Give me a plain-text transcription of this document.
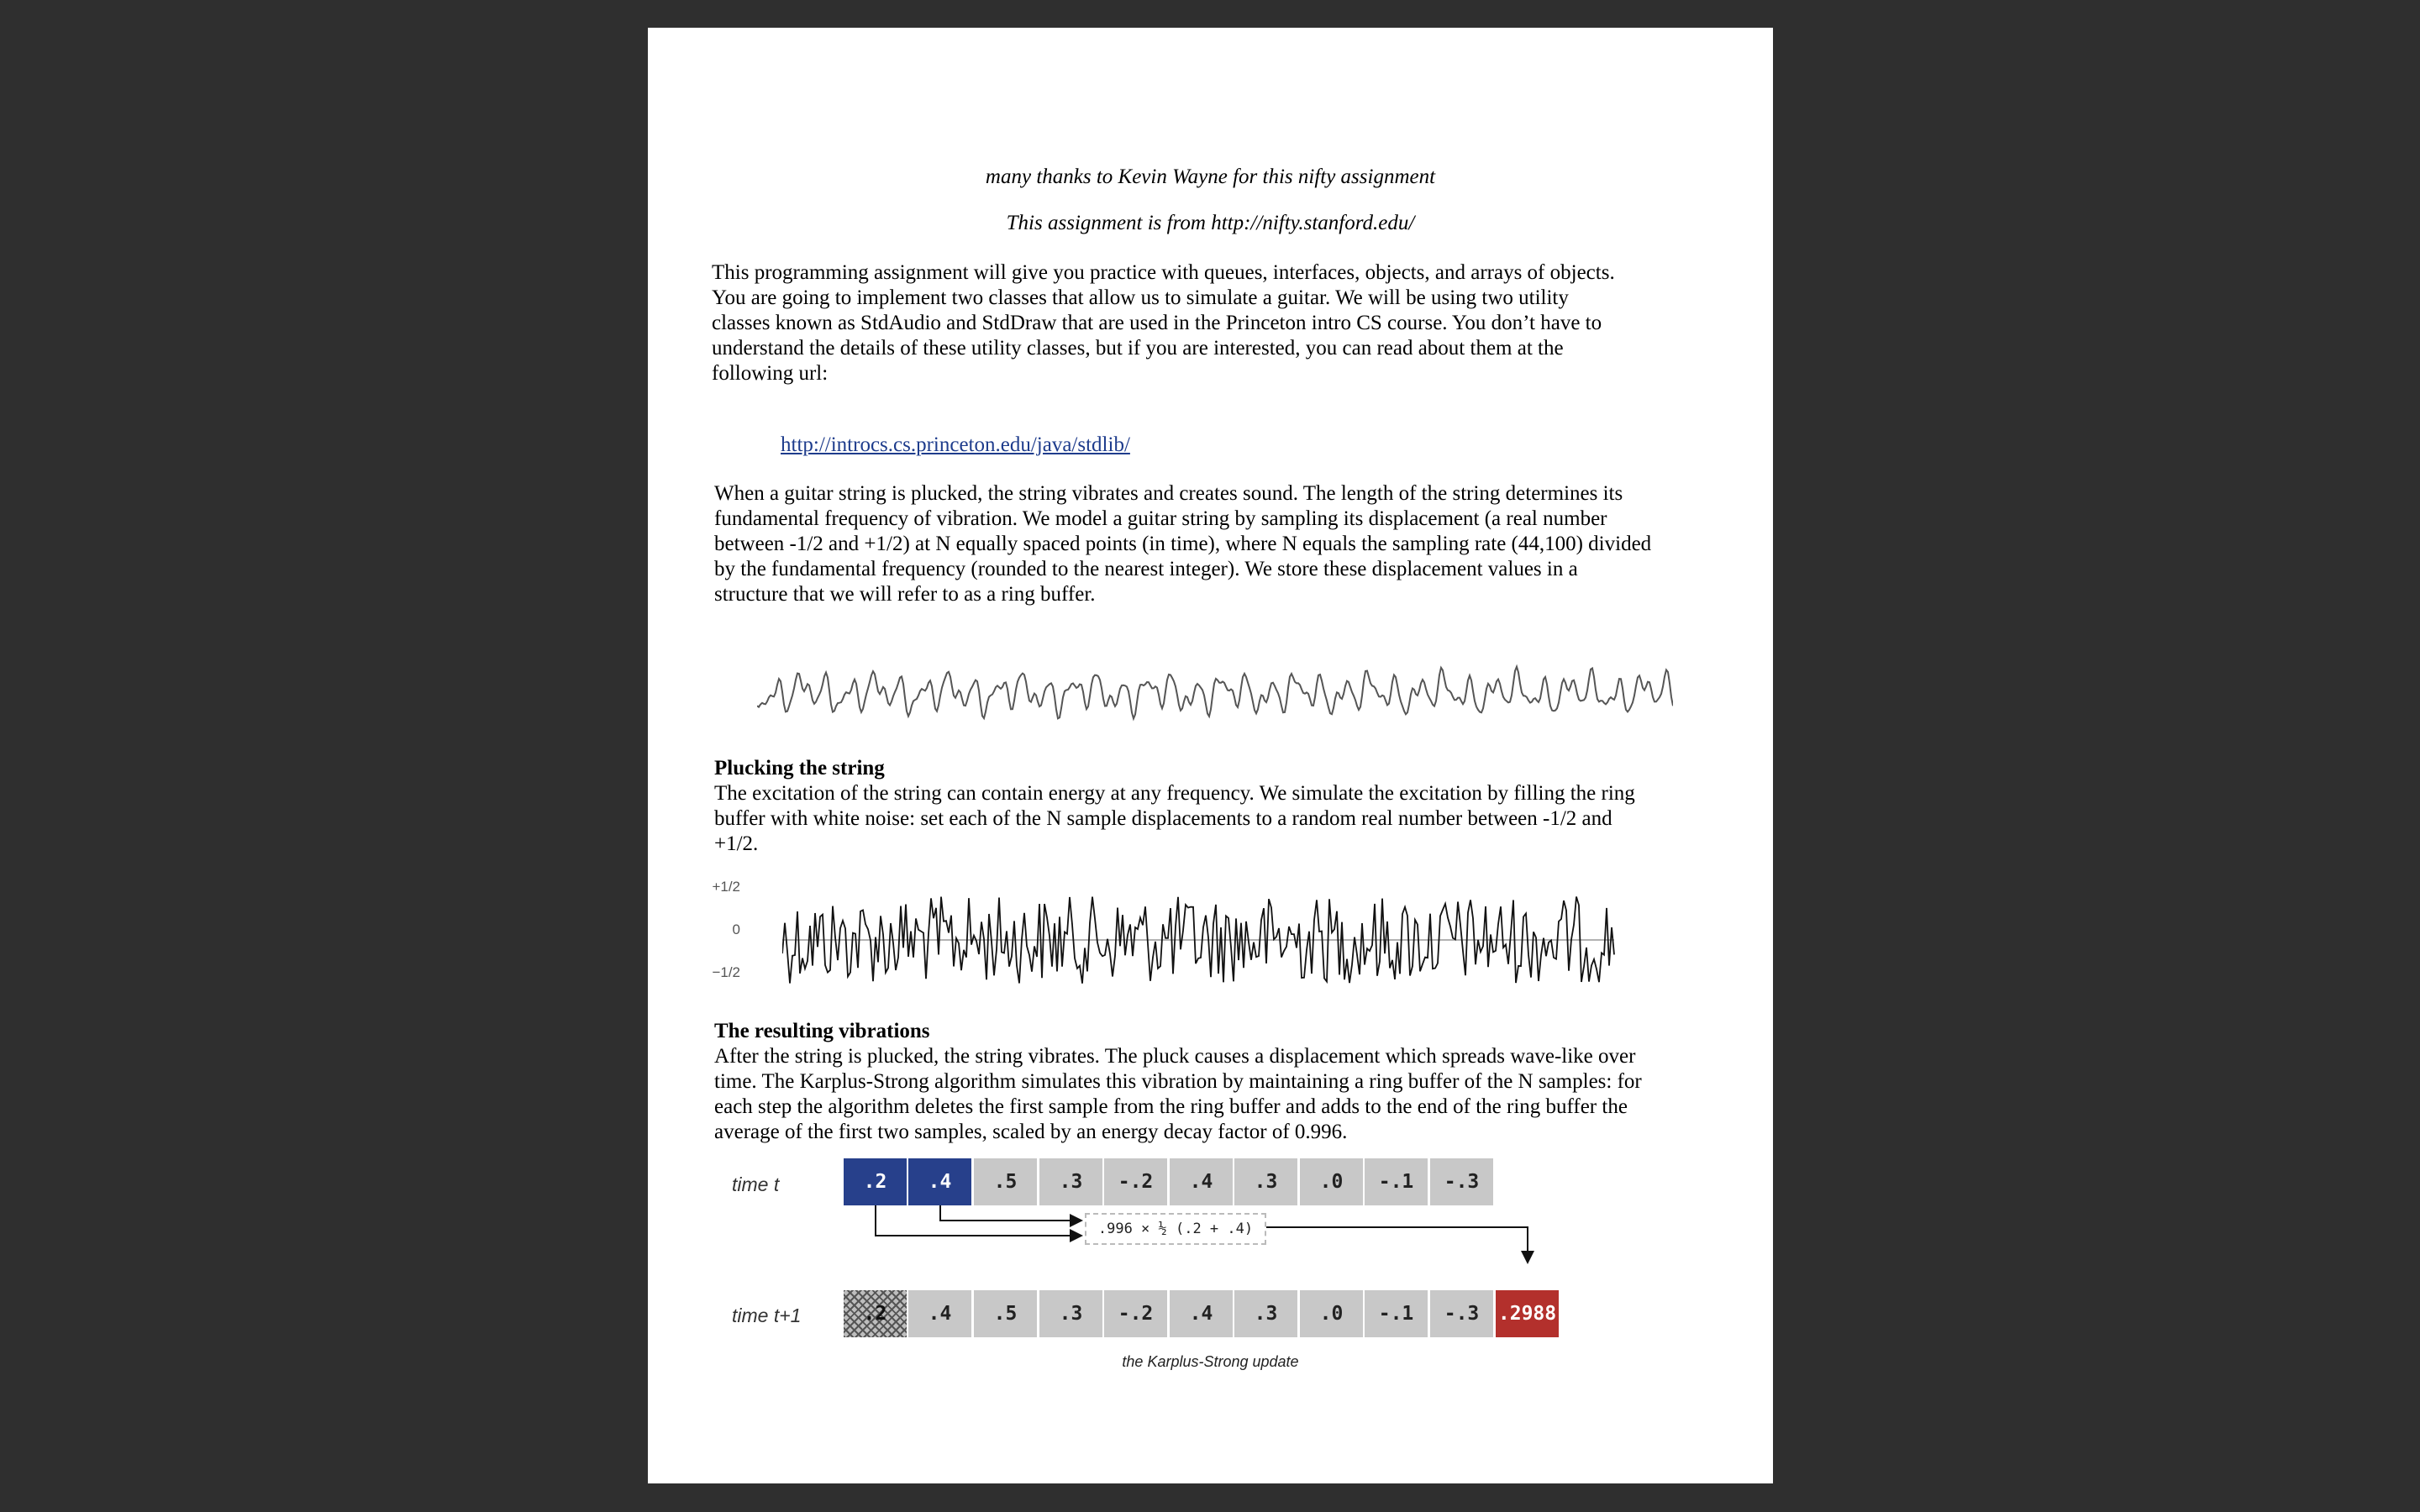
many thanks to Kevin Wayne for this nifty assignment
This assignment is from http://nifty.stanford.edu/
This programming assignment will give you practice with queues, interfaces, objects, and arrays of objects.
You are going to implement two classes that allow us to simulate a guitar. We will be using two utility
classes known as StdAudio and StdDraw that are used in the Princeton intro CS course. You don’t have to
understand the details of these utility classes, but if you are interested, you can read about them at the
following url:
http://introcs.cs.princeton.edu/java/stdlib/
When a guitar string is plucked, the string vibrates and creates sound. The length of the string determines its
fundamental frequency of vibration. We model a guitar string by sampling its displacement (a real number
between -1/2 and +1/2) at N equally spaced points (in time), where N equals the sampling rate (44,100) divided
by the fundamental frequency (rounded to the nearest integer). We store these displacement values in a
structure that we will refer to as a ring buffer.
Plucking the string
The excitation of the string can contain energy at any frequency. We simulate the excitation by filling the ring
buffer with white noise: set each of the N sample displacements to a random real number between -1/2 and
+1/2.
+1/2
0
−1/2
The resulting vibrations
After the string is plucked, the string vibrates. The pluck causes a displacement which spreads wave-like over
time. The Karplus-Strong algorithm simulates this vibration by maintaining a ring buffer of the N samples: for
each step the algorithm deletes the first sample from the ring buffer and adds to the end of the ring buffer the
average of the first two samples, scaled by an energy decay factor of 0.996.
time t
time t+1
.2	.4	.5	.3	-.2	.4	.3	.0	-.1	-.3
.996 × ½ (.2 + .4)
.2	.4	.5	.3	-.2	.4	.3	.0	-.1	-.3 .2988
the Karplus-Strong update
